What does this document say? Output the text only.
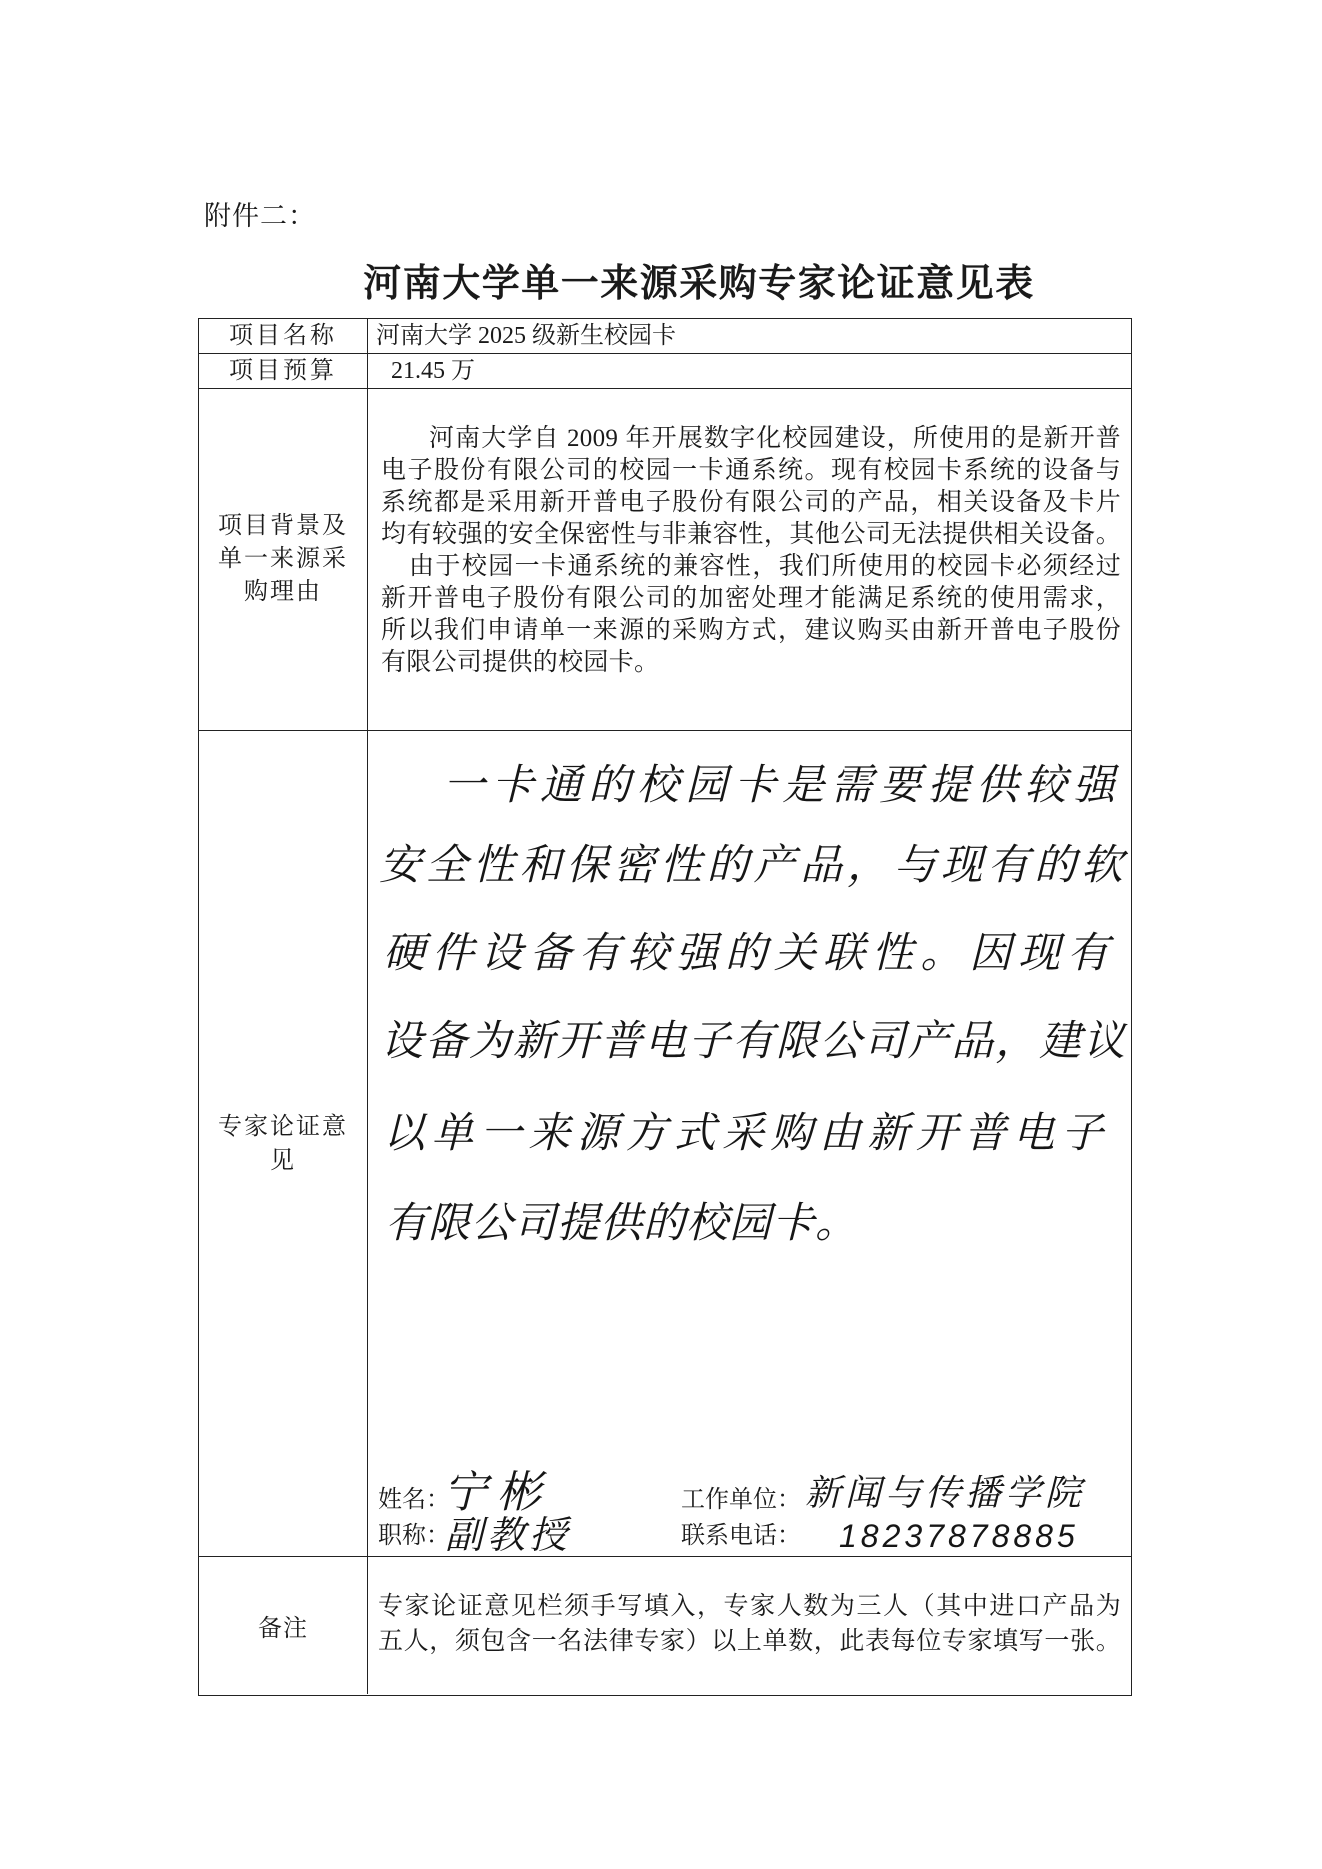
附件二：
河南大学单一来源采购专家论证意见表
项目名称 河南大学 2025 级新生校园卡
项目预算 21.45 万
项目背景及
单一来源采
购理由
河南大学自 2009 年开展数字化校园建设，所使用的是新开普
电子股份有限公司的校园一卡通系统。现有校园卡系统的设备与
系统都是采用新开普电子股份有限公司的产品，相关设备及卡片
均有较强的安全保密性与非兼容性，其他公司无法提供相关设备。
由于校园一卡通系统的兼容性，我们所使用的校园卡必须经过
新开普电子股份有限公司的加密处理才能满足系统的使用需求，
所以我们申请单一来源的采购方式，建议购买由新开普电子股份
有限公司提供的校园卡。
专家论证意
见
一卡通的校园卡是需要提供较强
安全性和保密性的产品，与现有的软
硬件设备有较强的关联性。因现有
设备为新开普电子有限公司产品，建议
以单一来源方式采购由新开普电子
有限公司提供的校园卡。
姓名：
宁彬
职称：
副教授
工作单位： 新闻与传播学院
联系电话： 18237878885
备注
专家论证意见栏须手写填入，专家人数为三人（其中进口产品为
五人，须包含一名法律专家）以上单数，此表每位专家填写一张。
